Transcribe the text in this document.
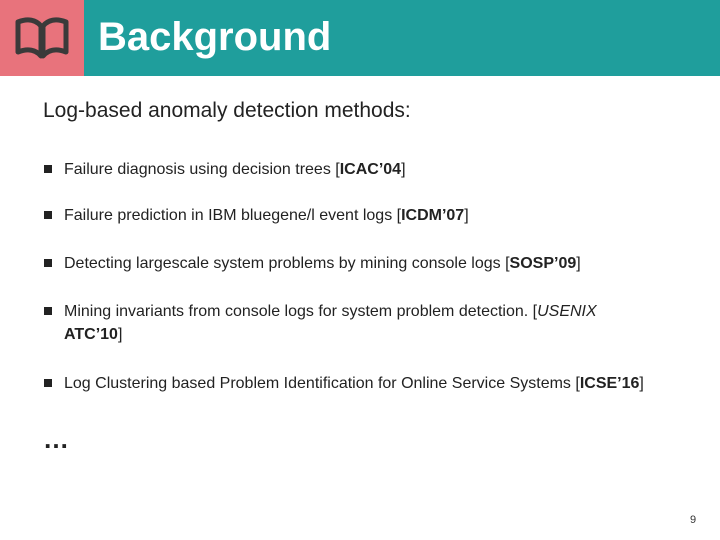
Background
Log-based anomaly detection methods:
Failure diagnosis using decision trees [ICAC’04]
Failure prediction in IBM bluegene/l event logs [ICDM’07]
Detecting largescale system problems by mining console logs [SOSP’09]
Mining invariants from console logs for system problem detection. [USENIX
ATC’10]
Log Clustering based Problem Identification for Online Service Systems [ICSE’16]
…
9
